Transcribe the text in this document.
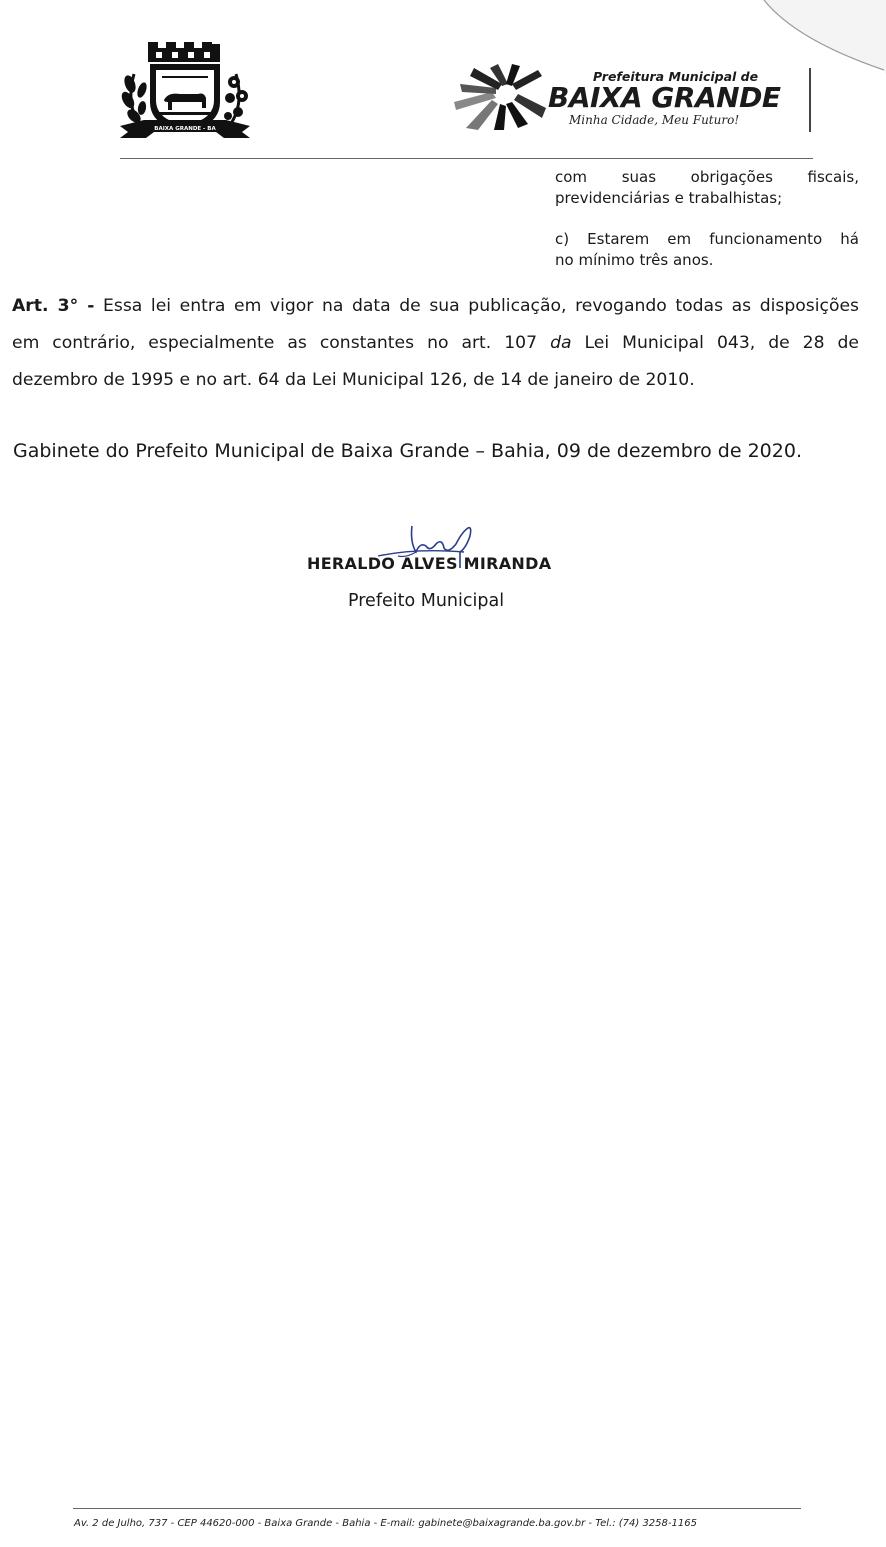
BAIXA GRANDE - BA
Prefeitura Municipal de
BAIXA GRANDE
Minha Cidade, Meu Futuro!
com suas obrigações fiscais,
previdenciárias e trabalhistas;
c) Estarem em funcionamento há
no mínimo três anos.
Art. 3° - Essa lei entra em vigor na data de sua publicação, revogando todas as disposições
em contrário, especialmente as constantes no art. 107 da Lei Municipal 043, de 28 de
dezembro de 1995 e no art. 64 da Lei Municipal 126, de 14 de janeiro de 2010.
Gabinete do Prefeito Municipal de Baixa Grande – Bahia, 09 de dezembro de 2020.
HERALDO ALVES MIRANDA
Prefeito Municipal
Av. 2 de Julho, 737 - CEP 44620-000 - Baixa Grande - Bahia - E-mail: gabinete@baixagrande.ba.gov.br - Tel.: (74) 3258-1165
